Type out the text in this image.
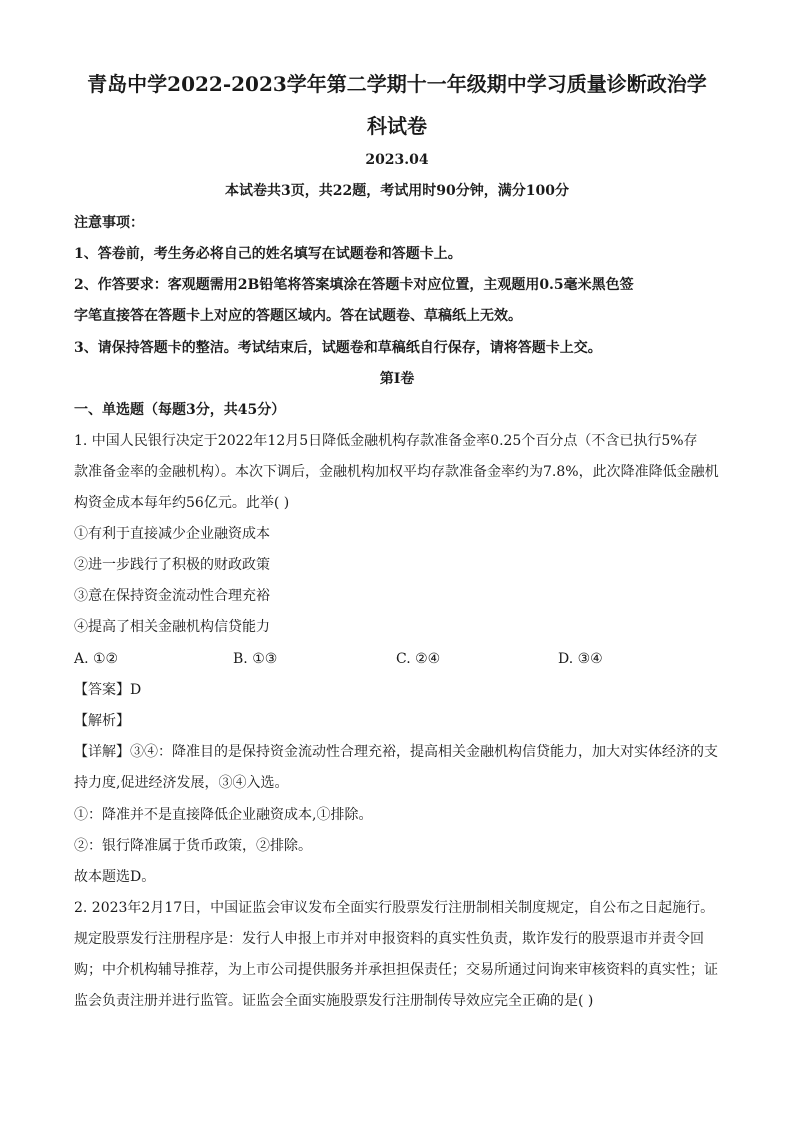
青岛中学2022-2023学年第二学期十一年级期中学习质量诊断政治学
科试卷
2023.04
本试卷共3页，共22题，考试用时90分钟，满分100分
注意事项：
1、答卷前，考生务必将自己的姓名填写在试题卷和答题卡上。
2、作答要求：客观题需用2B铅笔将答案填涂在答题卡对应位置，主观题用0.5毫米黑色签
字笔直接答在答题卡上对应的答题区域内。答在试题卷、草稿纸上无效。
3、请保持答题卡的整洁。考试结束后，试题卷和草稿纸自行保存，请将答题卡上交。
第I卷
一、单选题（每题3分，共45分）
1. 中国人民银行决定于2022年12月5日降低金融机构存款准备金率0.25个百分点（不含已执行5%存
款准备金率的金融机构）。本次下调后，金融机构加权平均存款准备金率约为7.8%，此次降准降低金融机
构资金成本每年约56亿元。此举( )
①有利于直接减少企业融资成本
②进一步践行了积极的财政政策
③意在保持资金流动性合理充裕
④提高了相关金融机构信贷能力
A. ①②	B. ①③	C. ②④	D. ③④
【答案】D
【解析】
【详解】③④：降准目的是保持资金流动性合理充裕，提高相关金融机构信贷能力，加大对实体经济的支
持力度,促进经济发展，③④入选。
①：降准并不是直接降低企业融资成本,①排除。
②：银行降准属于货币政策，②排除。
故本题选D。
2. 2023年2月17日，中国证监会审议发布全面实行股票发行注册制相关制度规定，自公布之日起施行。
规定股票发行注册程序是：发行人申报上市并对申报资料的真实性负责，欺诈发行的股票退市并责令回
购；中介机构辅导推荐，为上市公司提供服务并承担担保责任；交易所通过问询来审核资料的真实性；证
监会负责注册并进行监管。证监会全面实施股票发行注册制传导效应完全正确的是( )
